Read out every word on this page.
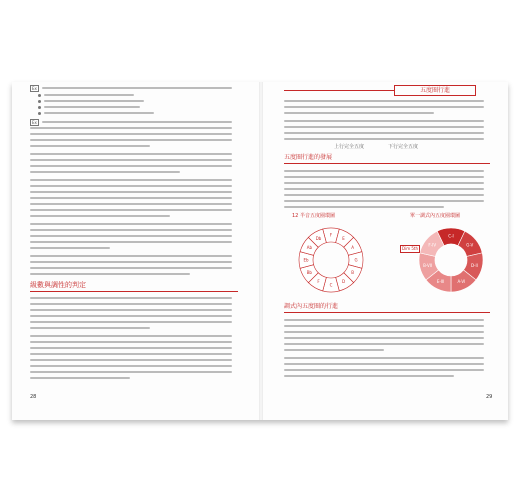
Ex
Ex
級數與調性的判定
28
五度圈行進
上行完全五度	下行完全五度
五度圈行進的發展
12 半音五度圈環圖	單一調式內五度圈環圖
F
E
A
G
B
D
C
F
Bb
Eb
Ab
Db	C-I
G-V
D-II
A-VI
E-III
B-VII
F-IV
Dim 5th
調式內五度圈的行進
29
